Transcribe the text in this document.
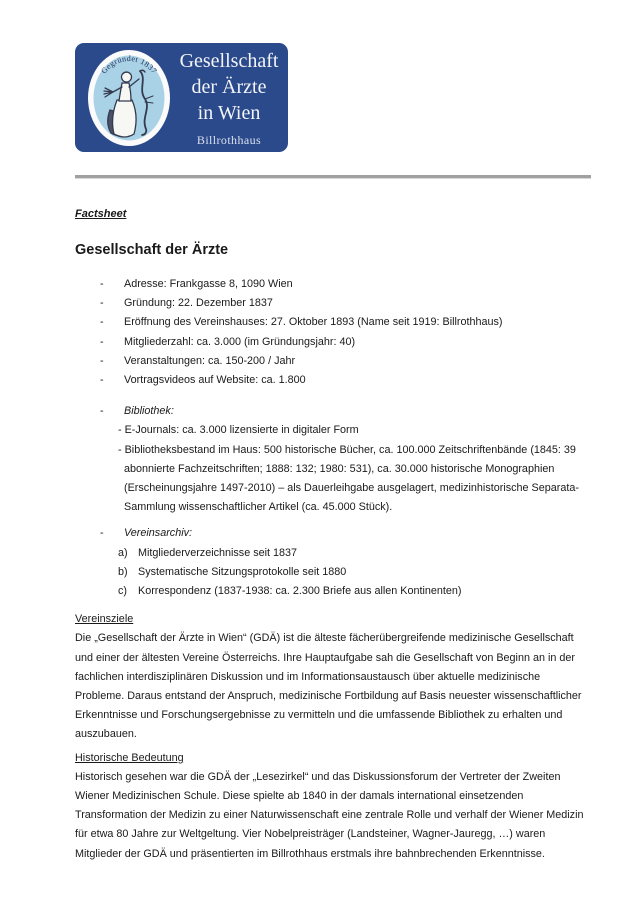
Gegründet 1837	Gesellschaft
der Ärzte
in Wien
Billrothhaus
Factsheet
Gesellschaft der Ärzte
-	Adresse: Frankgasse 8, 1090 Wien
-	Gründung: 22. Dezember 1837
-	Eröffnung des Vereinshauses: 27. Oktober 1893 (Name seit 1919: Billrothhaus)
-	Mitgliederzahl: ca. 3.000 (im Gründungsjahr: 40)
-	Veranstaltungen: ca. 150-200 / Jahr
-	Vortragsvideos auf Website: ca. 1.800
-	Bibliothek:
- E-Journals: ca. 3.000 lizensierte in digitaler Form
- Bibliotheksbestand im Haus: 500 historische Bücher, ca. 100.000 Zeitschriftenbände (1845: 39
abonnierte Fachzeitschriften; 1888: 132; 1980: 531), ca. 30.000 historische Monographien
(Erscheinungsjahre 1497-2010) – als Dauerleihgabe ausgelagert, medizinhistorische Separata-
Sammlung wissenschaftlicher Artikel (ca. 45.000 Stück).
-	Vereinsarchiv:
a) Mitgliederverzeichnisse seit 1837
b) Systematische Sitzungsprotokolle seit 1880
c)	Korrespondenz (1837-1938: ca. 2.300 Briefe aus allen Kontinenten)
Vereinsziele
Die „Gesellschaft der Ärzte in Wien“ (GDÄ) ist die älteste fächerübergreifende medizinische Gesellschaft
und einer der ältesten Vereine Österreichs. Ihre Hauptaufgabe sah die Gesellschaft von Beginn an in der
fachlichen interdisziplinären Diskussion und im Informationsaustausch über aktuelle medizinische
Probleme. Daraus entstand der Anspruch, medizinische Fortbildung auf Basis neuester wissenschaftlicher
Erkenntnisse und Forschungsergebnisse zu vermitteln und die umfassende Bibliothek zu erhalten und
auszubauen.
Historische Bedeutung
Historisch gesehen war die GDÄ der „Lesezirkel“ und das Diskussionsforum der Vertreter der Zweiten
Wiener Medizinischen Schule. Diese spielte ab 1840 in der damals international einsetzenden
Transformation der Medizin zu einer Naturwissenschaft eine zentrale Rolle und verhalf der Wiener Medizin
für etwa 80 Jahre zur Weltgeltung. Vier Nobelpreisträger (Landsteiner, Wagner-Jauregg, …) waren
Mitglieder der GDÄ und präsentierten im Billrothhaus erstmals ihre bahnbrechenden Erkenntnisse.
